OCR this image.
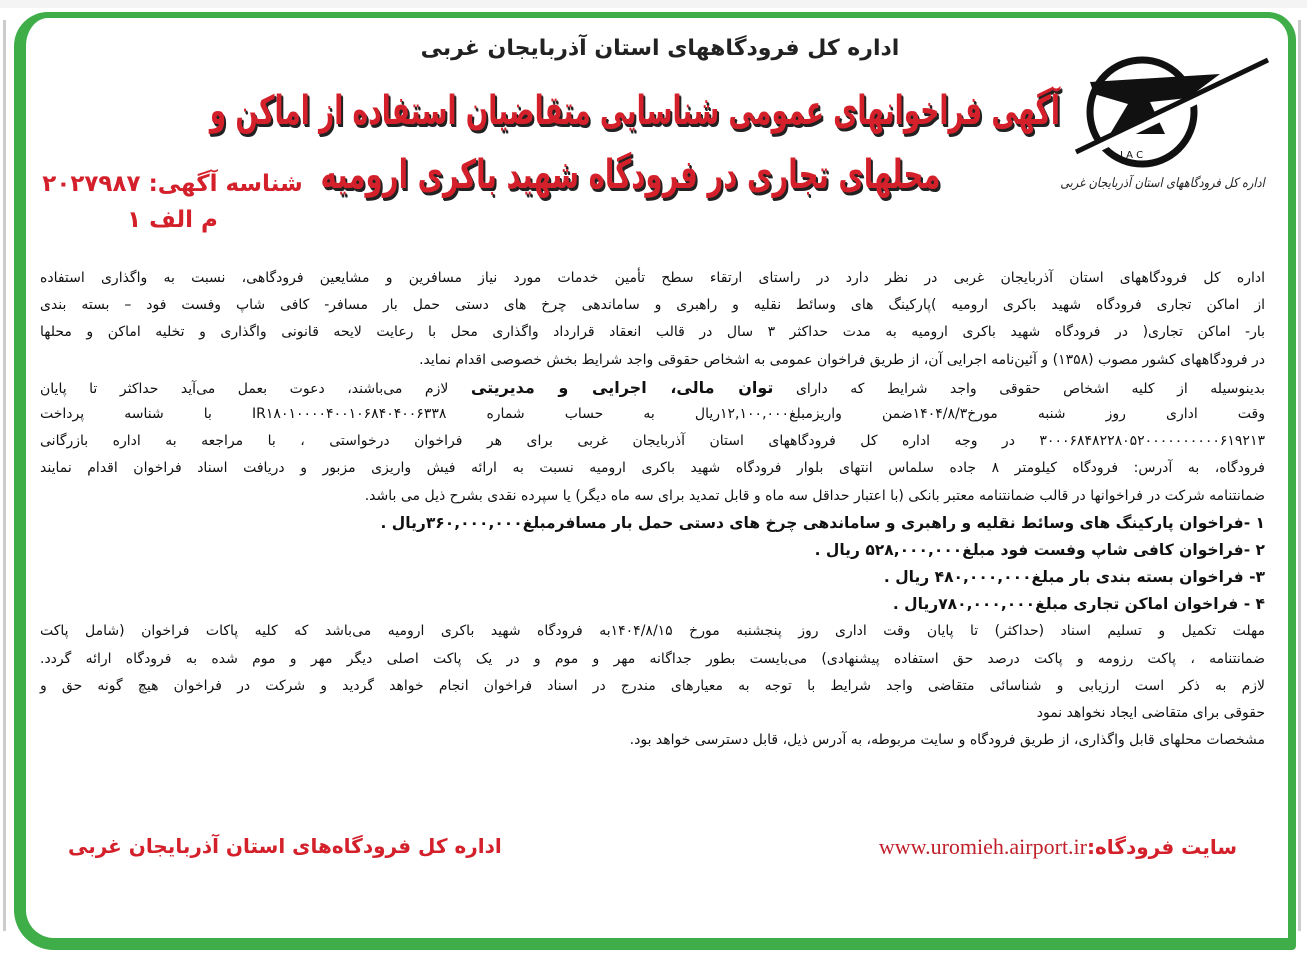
اداره کل فرودگاههای استان آذربایجان غربی
آگهی فراخوانهای عمومی شناسایی متقاضیان استفاده از اماکن و
محلهای تجاری در فرودگاه شهید باکری ارومیه
شناسه آگهی: ۲۰۲۷۹۸۷
م الف ۱
I A C
اداره کل فرودگاههای استان آذربایجان غربی
اداره کل فرودگاههای استان آذربایجان غربی در نظر دارد در راستای ارتقاء سطح تأمین خدمات مورد نیاز مسافرین و مشایعین فرودگاهی، نسبت به واگذاری استفاده
از اماکن تجاری فرودگاه شهید باکری ارومیه )پارکینگ های وسائط نقلیه و راهبری و ساماندهی چرخ های دستی حمل بار مسافر- کافی شاپ وفست فود – بسته بندی
بار- اماکن تجاری( در فرودگاه شهید باکری ارومیه به مدت حداکثر ۳ سال در قالب انعقاد قرارداد واگذاری محل با رعایت لایحه قانونی واگذاری و تخلیه اماکن و محلها
در فرودگاههای کشور مصوب (۱۳۵۸) و آئین‌نامه اجرایی آن، از طریق فراخوان عمومی به اشخاص حقوقی واجد شرایط بخش خصوصی اقدام نماید.
بدینوسیله از کلیه اشخاص حقوقی واجد شرایط که دارای توان مالی، اجرایی و مدیریتی لازم می‌باشند، دعوت بعمل می‌آید حداکثر تا پایان
وقت اداری روز شنبه مورخ۱۴۰۴/۸/۳ضمن واریزمبلغ۱۲,۱۰۰,۰۰۰ریال به حساب شماره IR۱۸۰۱۰۰۰۰۴۰۰۱۰۶۸۴۰۴۰۰۶۳۳۸ با شناسه پرداخت
۳۰۰۰۶۸۴۸۲۲۸۰۵۲۰۰۰۰۰۰۰۰۰۰۶۱۹۲۱۳ در وجه اداره کل فرودگاههای استان آذربایجان غربی برای هر فراخوان درخواستی ، با مراجعه به اداره بازرگانی
فرودگاه، به آدرس: فرودگاه کیلومتر ۸ جاده سلماس انتهای بلوار فرودگاه شهید باکری ارومیه نسبت به ارائه فیش واریزی مزبور و دریافت اسناد فراخوان اقدام نمایند
ضمانتنامه شرکت در فراخوانها در قالب ضمانتنامه معتبر بانکی (با اعتبار حداقل سه ماه و قابل تمدید برای سه ماه دیگر) یا سپرده نقدی بشرح ذیل می باشد.
۱ -فراخوان پارکینگ های وسائط نقلیه و راهبری و ساماندهی چرخ های دستی حمل بار مسافرمبلغ۳۶۰,۰۰۰,۰۰۰ریال .
۲ -فراخوان کافی شاپ وفست فود مبلغ۵۲۸,۰۰۰,۰۰۰ ریال .
۳- فراخوان بسته بندی بار مبلغ۴۸۰,۰۰۰,۰۰۰ ریال .
۴ - فراخوان اماکن تجاری مبلغ۷۸۰,۰۰۰,۰۰۰ریال .
مهلت تکمیل و تسلیم اسناد (حداکثر) تا پایان وقت اداری روز پنجشنبه مورخ ۱۴۰۴/۸/۱۵به فرودگاه شهید باکری ارومیه می‌باشد که کلیه پاکات فراخوان (شامل پاکت
ضمانتنامه ، پاکت رزومه و پاکت درصد حق استفاده پیشنهادی) می‌بایست بطور جداگانه مهر و موم و در یک پاکت اصلی دیگر مهر و موم شده به فرودگاه ارائه گردد.
لازم به ذکر است ارزیابی و شناسائی متقاضی واجد شرایط با توجه به معیارهای مندرج در اسناد فراخوان انجام خواهد گردید و شرکت در فراخوان هیچ گونه حق و
حقوقی برای متقاضی ایجاد نخواهد نمود
مشخصات محلهای قابل واگذاری، از طریق فرودگاه و سایت مربوطه، به آدرس ذیل، قابل دسترسی خواهد بود.
سایت فرودگاه:www.uromieh.airport.ir
اداره کل فرودگاه‌های استان آذربایجان غربی
